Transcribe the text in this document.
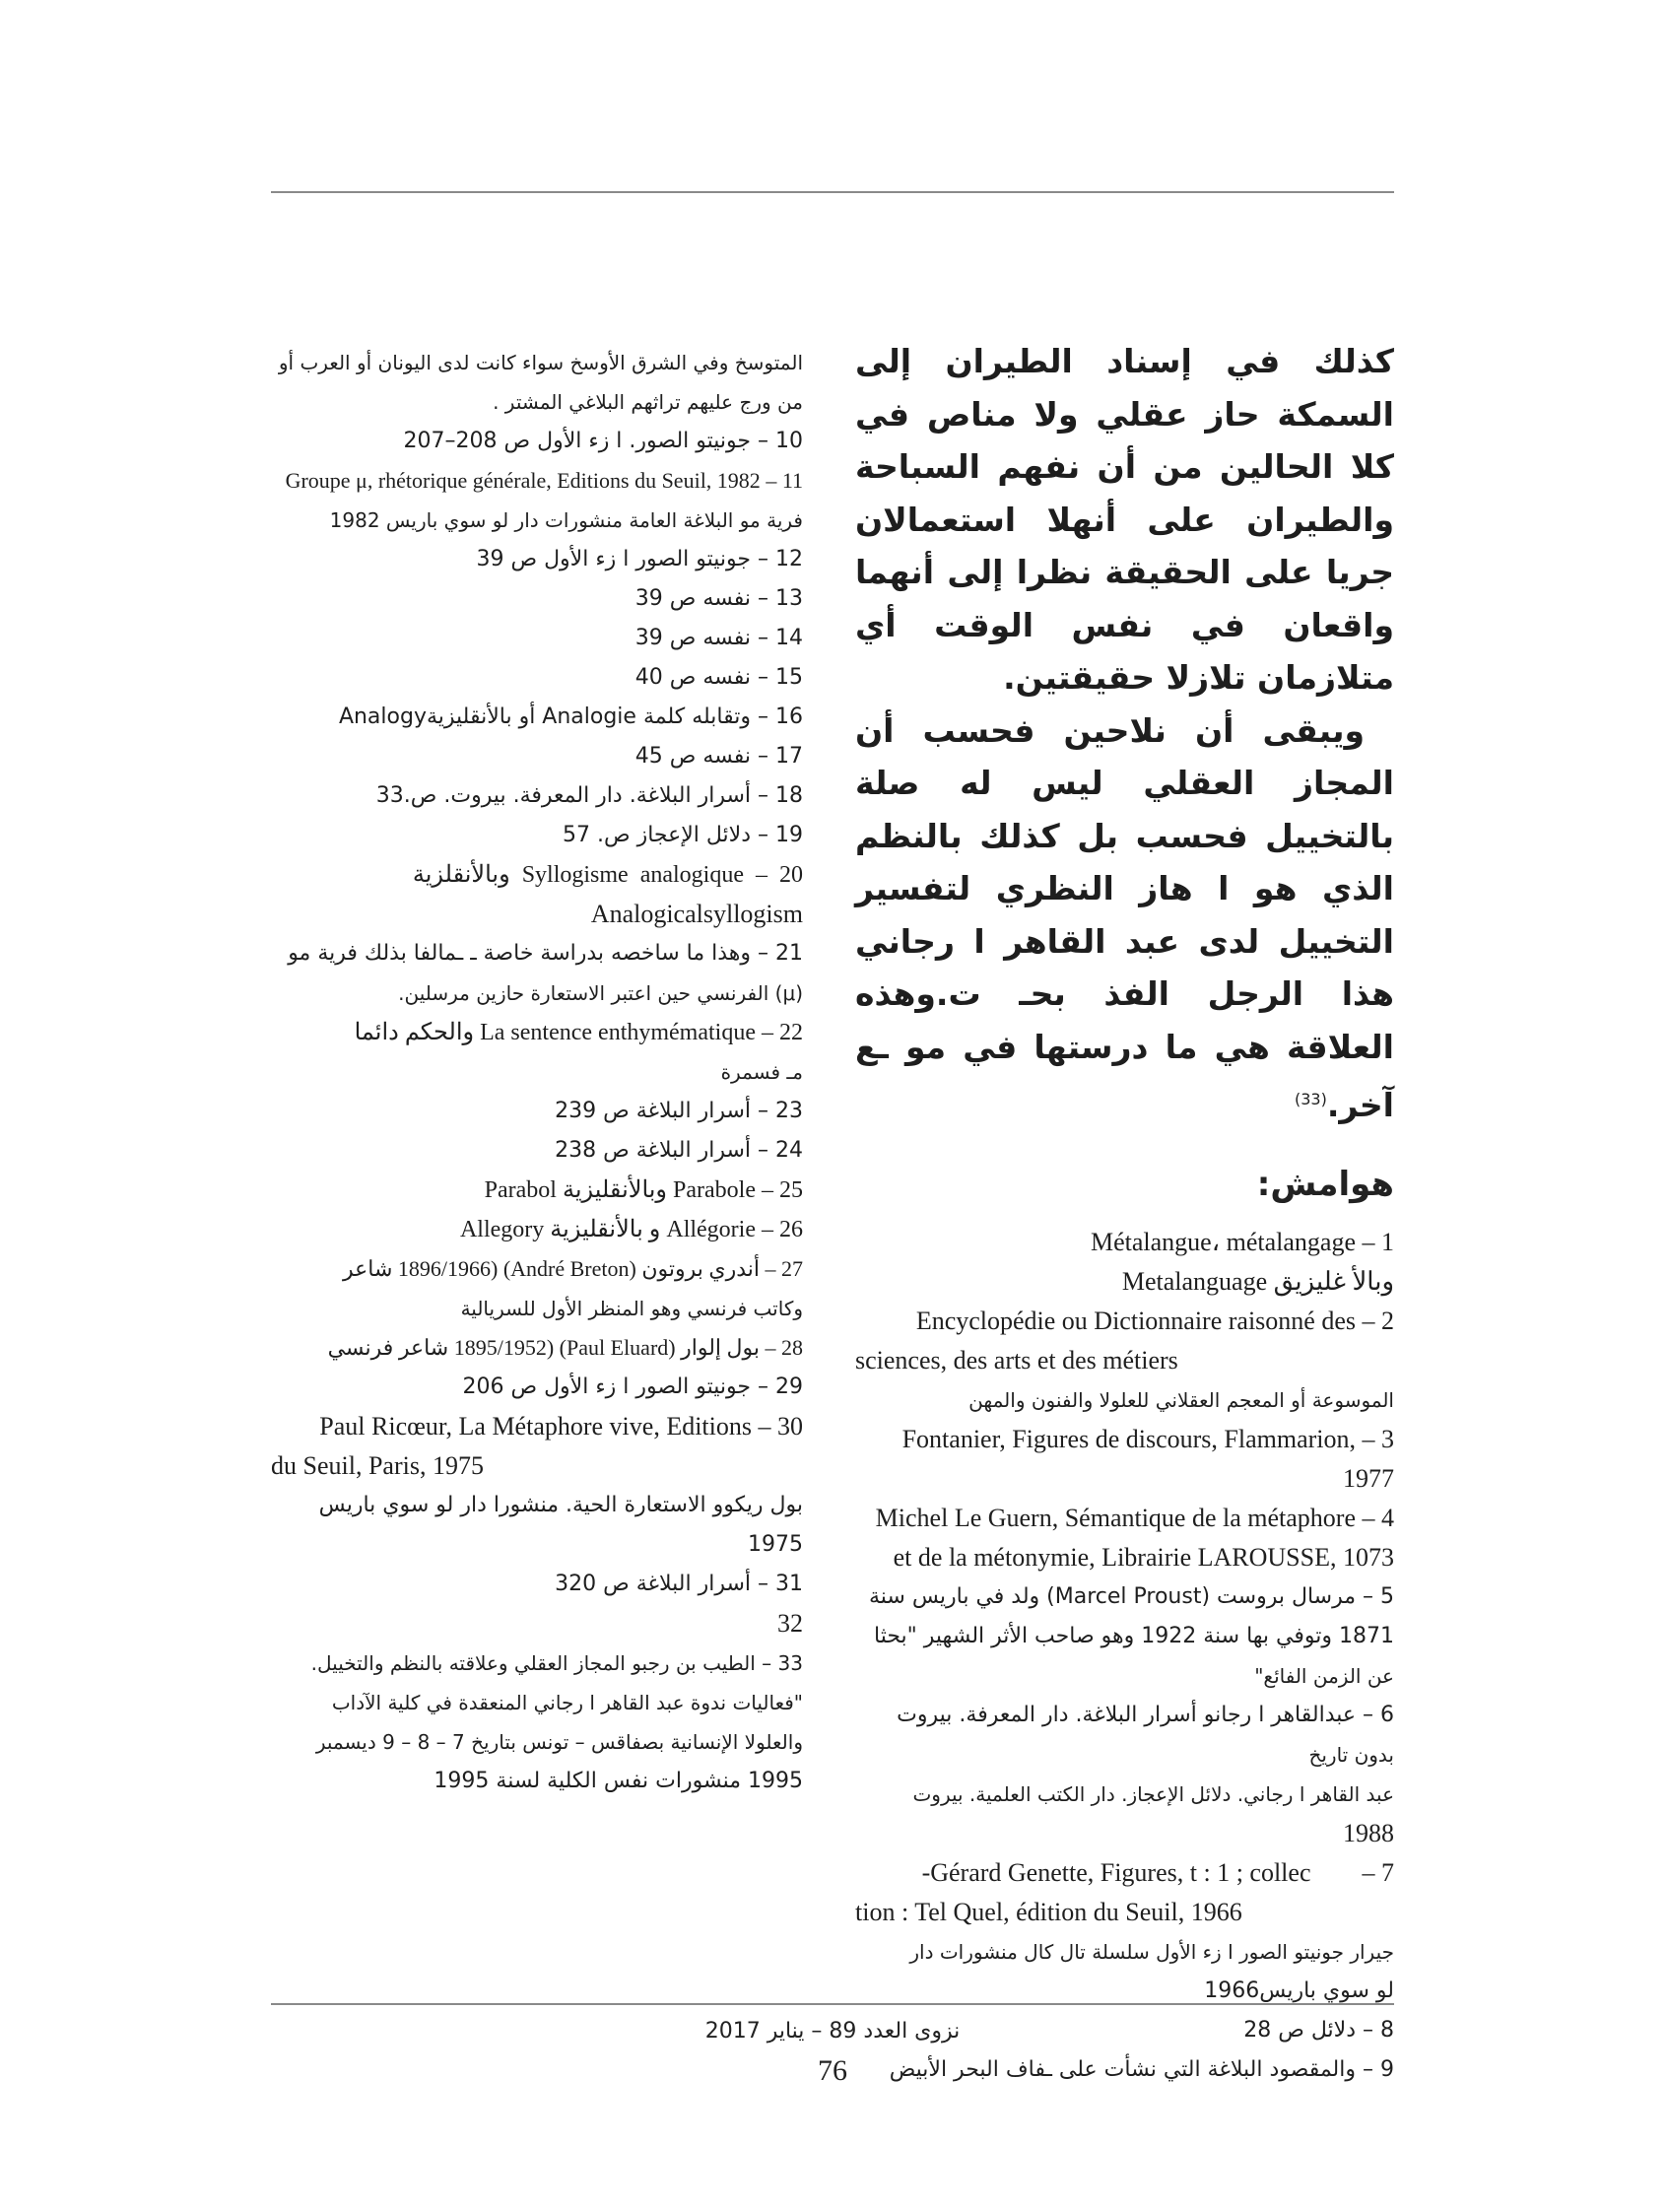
كذلك في إسناد الطيران إلى السمكة حاز عقلي ولا مناص في كلا الحالين من أن نفهم السباحة والطيران على أنهلا استعمالان جريا على الحقيقة نظرا إلى أنهما واقعان في نفس الوقت أي متلازمان تلازلا حقيقتين.

ويبقى أن نلاحين فحسب أن المجاز العقلي ليس له صلة بالتخييل فحسب بل كذلك بالنظم الذي هو ا هاز النظري لتفسير التخييل لدى عبد القاهر ا رجاني هذا الرجل الفذ بحـ ت.وهذه العلاقة هي ما درستها في مو ـع آخر.$^{(33)}$

هوامش:

1 – Métalangue، métalangage

وبالأ غليزيق Metalanguage

2 – Encyclopédie ou Dictionnaire raisonné des

sciences, des arts et des métiers

الموسوعة أو المعجم العقلاني للعلولا والفنون والمهن

3 – Fontanier, Figures de discours, Flammarion, 1977

4 – Michel Le Guern, Sémantique de la métaphore

et de la métonymie, Librairie LAROUSSE, 1073

5 – مرسال بروست (Marcel Proust) ولد في باريس سنة

1871 وتوفي بها سنة 1922 وهو صاحب الأثر الشهير "بحثا

عن الزمن الفائع"

6 – عبدالقاهر ا رجانو أسرار البلاغة. دار المعرفة. بيروت

بدون تاريخ

عبد القاهر ا رجاني. دلائل الإعجاز. دار الكتب العلمية. بيروت

1988

7 –        Gérard Genette, Figures, t : 1 ; collec-

tion : Tel Quel, édition du Seuil, 1966

جيرار جونيتو الصور ا زء الأول سلسلة تال كال منشورات دار

لو سوي باريس1966

8 – دلائل ص 28

9 – والمقصود البلاغة التي نشأت على ـفاف البحر الأبيض

المتوسخ وفي الشرق الأوسخ سواء كانت لدى اليونان أو العرب أو

من ورج عليهم تراثهم البلاغي المشتر .

10 – جونيتو الصور. ا زء الأول ص 208–207

11 – Groupe μ, rhétorique générale, Editions du Seuil, 1982

فرية مو البلاغة العامة منشورات دار لو سوي باريس 1982

12 – جونيتو الصور ا زء الأول ص 39

13 – نفسه ص 39

14 – نفسه ص 39

15 – نفسه ص 40

16 – وتقابله كلمة Analogie أو بالأنقليزيةAnalogy

17 – نفسه ص 45

18 – أسرار البلاغة. دار المعرفة. بيروت. ص.33

19 – دلائل الإعجاز ص. 57

20  –  Syllogisme  analogique  وبالأنقلزية

Analogicalsyllogism

21 – وهذا ما ساخصه بدراسة خاصة ـ ـمالفا بذلك فرية مو

(μ) الفرنسي حين اعتبر الاستعارة حازين مرسلين.

22 – La sentence enthymématique والحكم دائما

مـ فسمرة

23 – أسرار البلاغة ص 239

24 – أسرار البلاغة ص 238

25 – Parabole وبالأنقليزية Parabol

26 – Allégorie و بالأنقليزية Allegory

27 – أندري بروتون (André Breton) (1896/1966 شاعر

وكاتب فرنسي وهو المنظر الأول للسريالية

28 – بول إلوار (Paul Eluard) (1895/1952 شاعر فرنسي

29 – جونيتو الصور ا زء الأول ص 206

30 – Paul Ricœur, La Métaphore vive, Editions

du Seuil, Paris, 1975

بول ريكوو الاستعارة الحية. منشورا دار لو سوي باريس 1975

31 – أسرار البلاغة ص 320

32

33 – الطيب بن رجبو المجاز العقلي وعلاقته بالنظم والتخييل.

"فعاليات ندوة عبد القاهر ا رجاني المنعقدة في كلية الآداب

والعلولا الإنسانية بصفاقس – تونس بتاريخ 7 – 8 – 9 ديسمبر

1995 منشورات نفس الكلية لسنة 1995

نزوى العدد 89 – يناير 2017
76
